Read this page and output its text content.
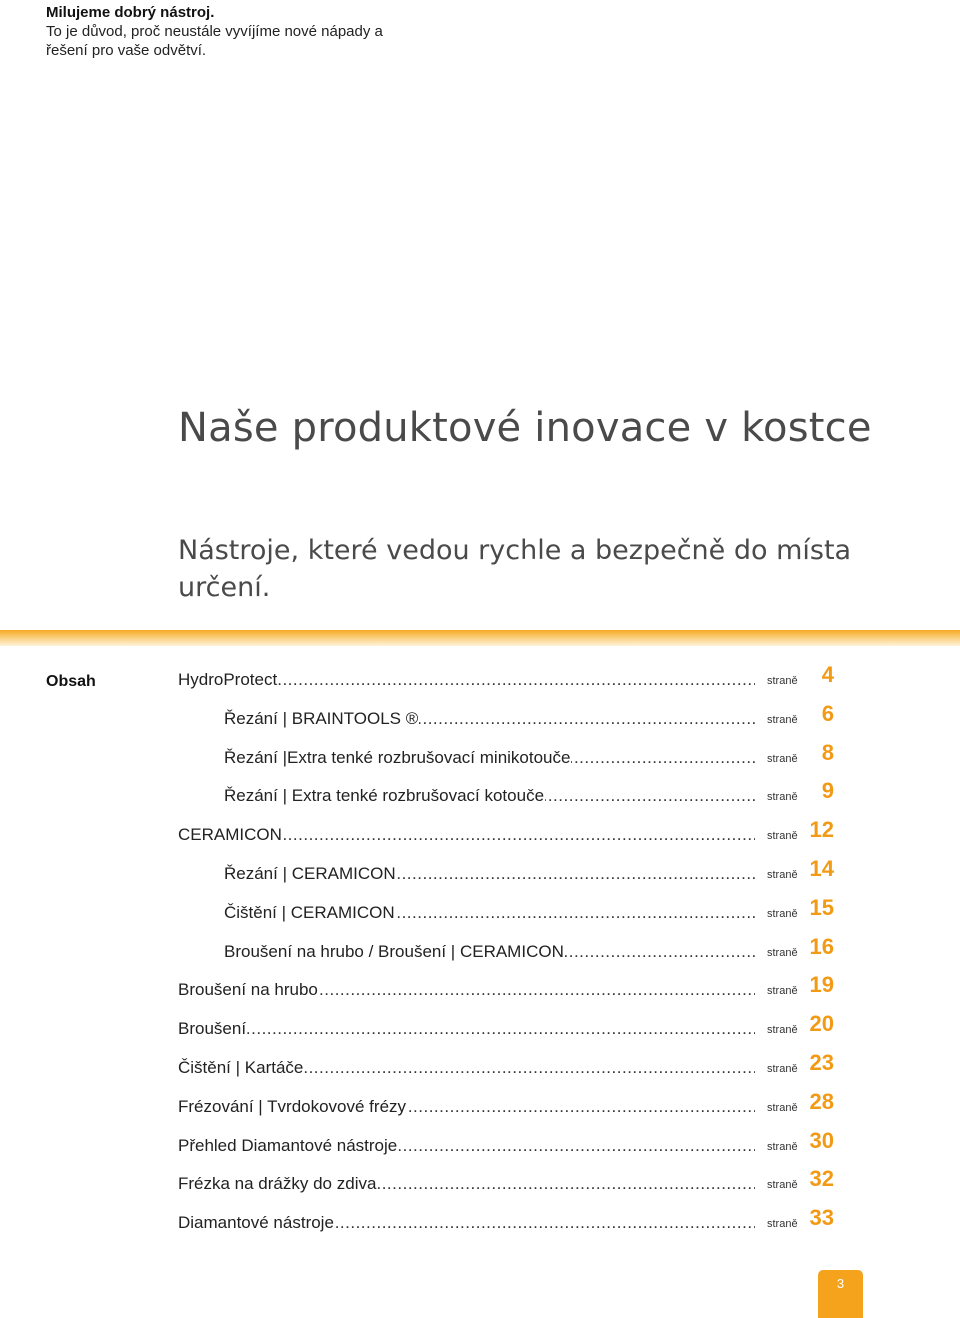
Milujeme dobrý nástroj.
To je důvod, proč neustále vyvíjíme nové nápady a
řešení pro vaše odvětví.
Naše produktové inovace v kostce
Nástroje, které vedou rychle a bezpečně do místa určení.
Obsah
.....	HydroProtect	straně	4
.....
Řezání | BRAINTOOLS ®	straně	6
.....
Řezání |Extra tenké rozbrušovací minikotouče	straně	8
.....
Řezání | Extra tenké rozbrušovací kotouče	straně	9
.....
CERAMICON	straně 12
.....
Řezání | CERAMICON	straně 14
.....
Čištění | CERAMICON	straně 15
.....
Broušení na hrubo / Broušení | CERAMICON	straně 16
.....
Broušení na hrubo	straně 19
.....
Broušení	straně 20
.....
Čištění | Kartáče	straně 23
.....
Frézování | Tvrdokovové frézy	straně 28
.....
Přehled Diamantové nástroje	straně 30
.....
Frézka na drážky do zdiva	straně 32
.....
Diamantové nástroje	straně 33
3
